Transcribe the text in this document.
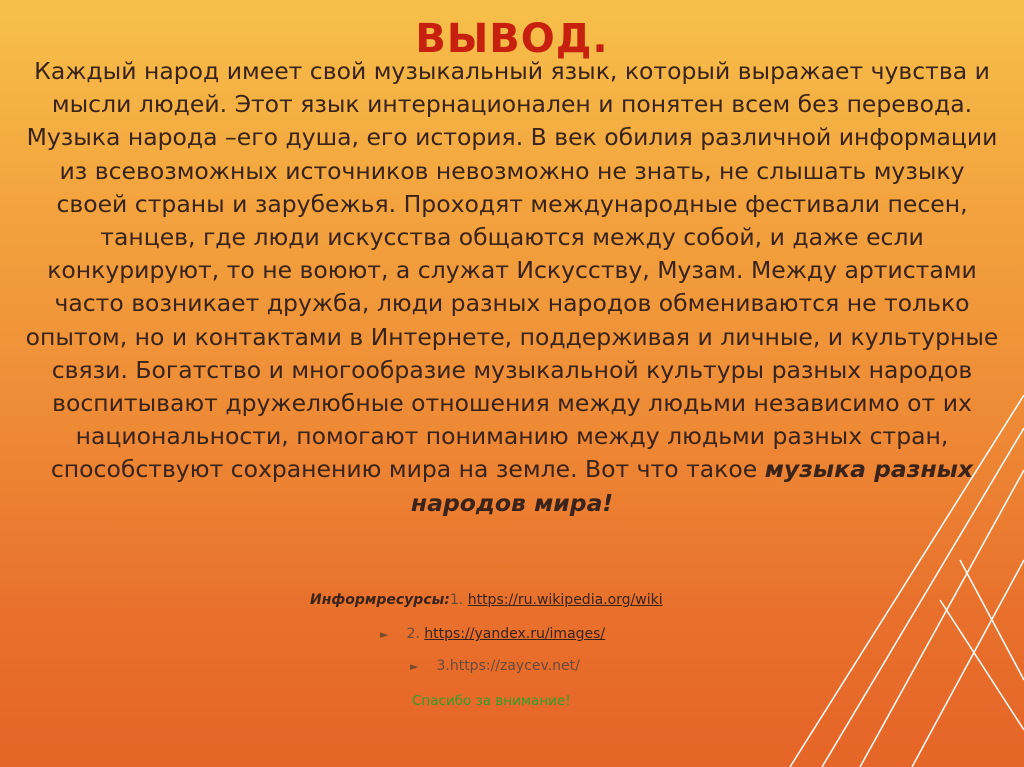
ВЫВОД.
Каждый народ имеет свой музыкальный язык, который выражает чувства и мысли людей. Этот язык интернационален и понятен всем без перевода. Музыка народа –его душа, его история. В век обилия различной информации из всевозможных источников невозможно не знать, не слышать музыку своей страны и зарубежья. Проходят международные фестивали песен, танцев, где люди искусства общаются между собой, и даже если конкурируют, то не воюют, а служат Искусству, Музам. Между артистами часто возникает дружба, люди разных народов обмениваются не только опытом, но и контактами в Интернете, поддерживая и личные, и культурные связи. Богатство и многообразие музыкальной культуры разных народов воспитывают дружелюбные отношения между людьми независимо от их национальности, помогают пониманию между людьми разных стран, способствуют сохранению мира на земле. Вот что такое музыка разных народов мира!
Информресурсы:1. https://ru.wikipedia.org/wiki
► 2. https://yandex.ru/images/
► 3.https://zaycev.net/
Спасибо за внимание!
